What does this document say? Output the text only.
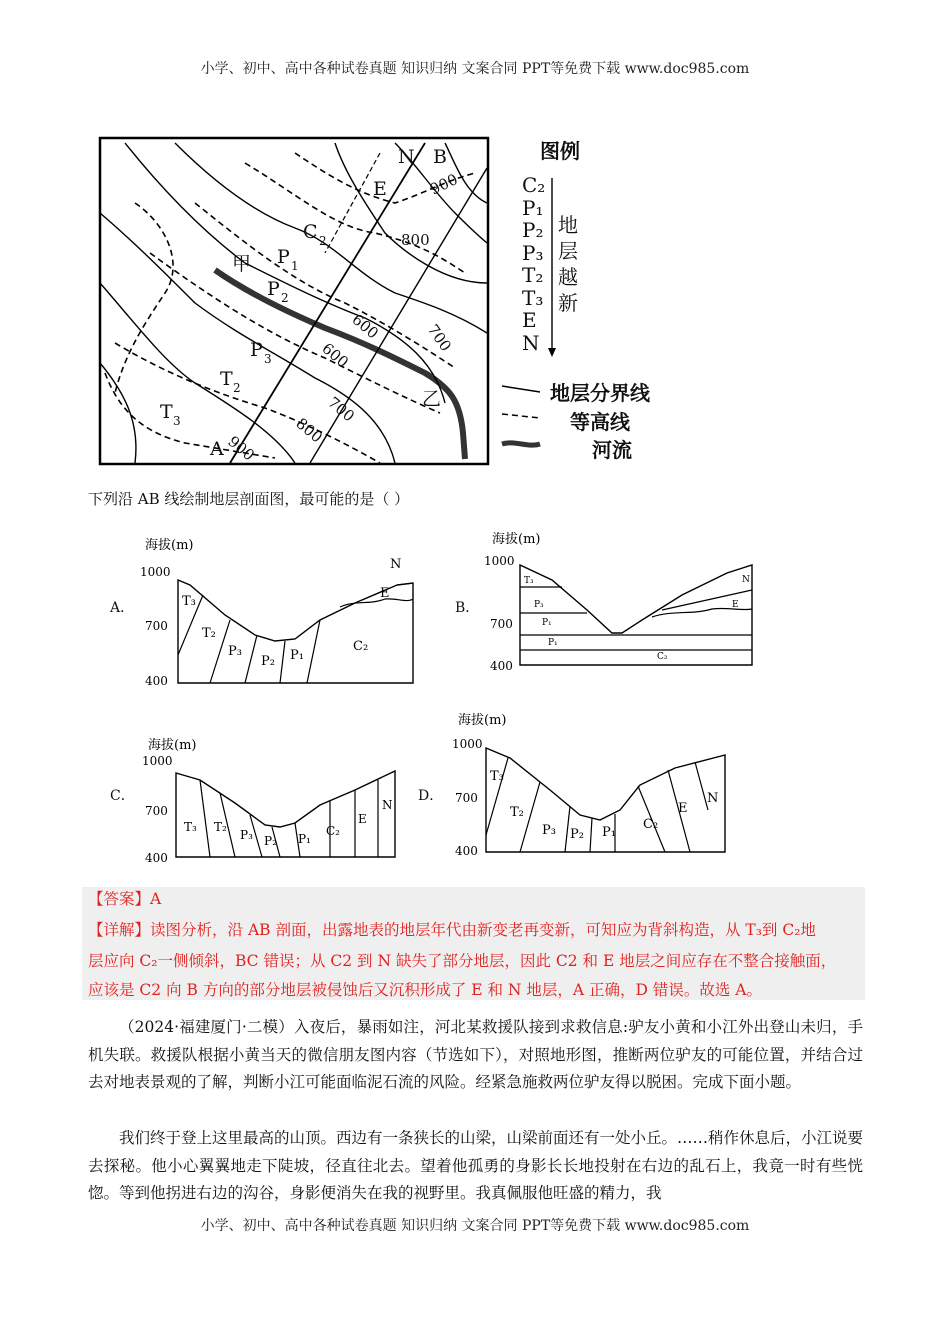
小学、初中、高中各种试卷真题 知识归纳 文案合同 PPT等免费下载 www.doc985.com
N B
E
C 2
P 1
P 2
P 3
T 2
T 3
A
甲
乙
900
800
700
600
600
700
800
900
图例
C₂
P₁
P₂
P₃
T₂
T₃
E
N
地
层
越
新
地层分界线
等高线
河流
下列沿 AB 线绘制地层剖面图，最可能的是（ ）
A．
海拔(m)
1000
700
400
T₃
T₂
P₃
P₂ P₁
C₂
E
N
B．
海拔(m)
1000
700
400
T₃
P₃
P₁
P₁
C₂
E
N
C．
海拔(m)
1000
700
400
T₃ T₂
P₃ P₂ P₁
C₂
E
N
D．
海拔(m)
1000
700
400
T₃
T₂
P₃ P₂ P₁
C₂
E
N
【答案】A
【详解】读图分析，沿 AB 剖面，出露地表的地层年代由新变老再变新，可知应为背斜构造，从 T₃到 C₂地
层应向 C₂一侧倾斜，BC 错误；从 C2 到 N 缺失了部分地层，因此 C2 和 E 地层之间应存在不整合接触面，
应该是 C2 向 B 方向的部分地层被侵蚀后又沉积形成了 E 和 N 地层，A 正确，D 错误。故选 A。
（2024·福建厦门·二模）入夜后，暴雨如注，河北某救援队接到求救信息:驴友小黄和小江外出登山未归，手机失联。救援队根据小黄当天的微信朋友图内容（节选如下），对照地形图，推断两位驴友的可能位置，并结合过去对地表景观的了解，判断小江可能面临泥石流的风险。经紧急施救两位驴友得以脱困。完成下面小题。
我们终于登上这里最高的山顶。西边有一条狭长的山梁，山梁前面还有一处小丘。……稍作休息后，小江说要去探秘。他小心翼翼地走下陡坡，径直往北去。望着他孤勇的身影长长地投射在右边的乱石上，我竟一时有些恍惚。等到他拐进右边的沟谷，身影便消失在我的视野里。我真佩服他旺盛的精力，我
小学、初中、高中各种试卷真题 知识归纳 文案合同 PPT等免费下载 www.doc985.com
